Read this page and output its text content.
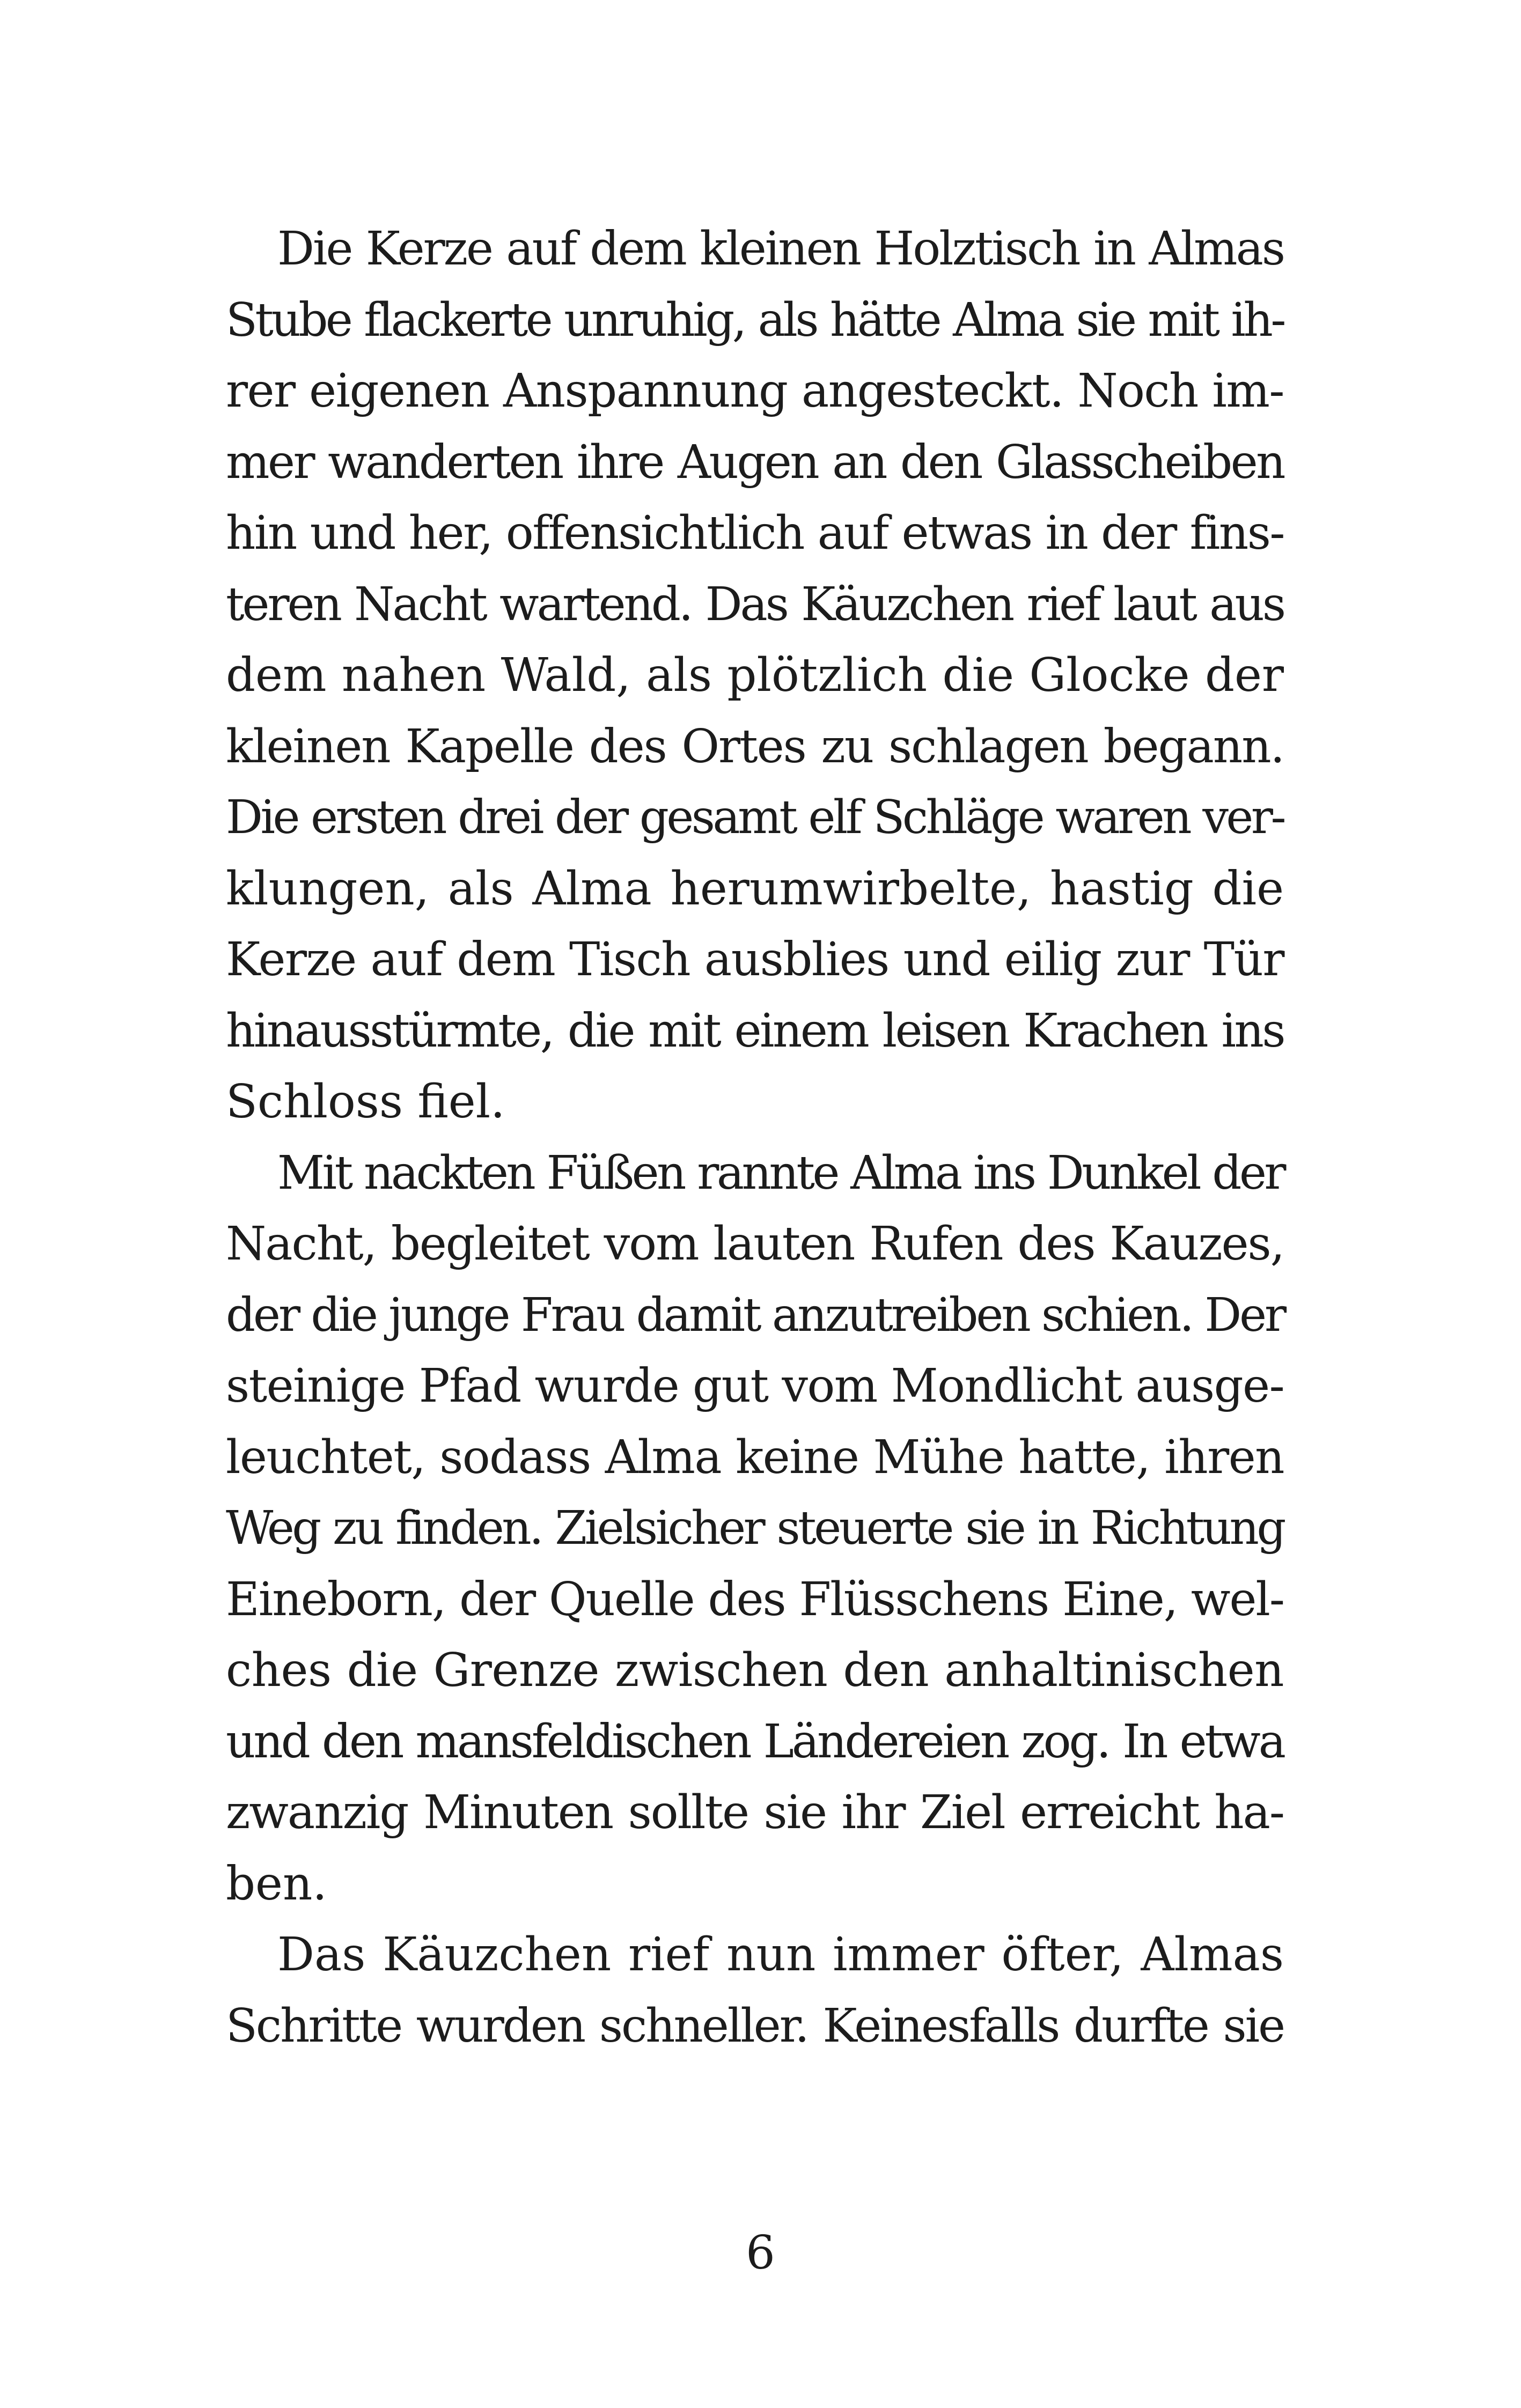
Die Kerze auf dem kleinen Holztisch in Almas
Stube flackerte unruhig, als hätte Alma sie mit ih-
rer eigenen Anspannung angesteckt. Noch im-
mer wanderten ihre Augen an den Glasscheiben
hin und her, offensichtlich auf etwas in der fins-
teren Nacht wartend. Das Käuzchen rief laut aus
dem nahen Wald, als plötzlich die Glocke der
kleinen Kapelle des Ortes zu schlagen begann.
Die ersten drei der gesamt elf Schläge waren ver-
klungen, als Alma herumwirbelte, hastig die
Kerze auf dem Tisch ausblies und eilig zur Tür
hinausstürmte, die mit einem leisen Krachen ins
Schloss fiel.
Mit nackten Füßen rannte Alma ins Dunkel der
Nacht, begleitet vom lauten Rufen des Kauzes,
der die junge Frau damit anzutreiben schien. Der
steinige Pfad wurde gut vom Mondlicht ausge-
leuchtet, sodass Alma keine Mühe hatte, ihren
Weg zu finden. Zielsicher steuerte sie in Richtung
Eineborn, der Quelle des Flüsschens Eine, wel-
ches die Grenze zwischen den anhaltinischen
und den mansfeldischen Ländereien zog. In etwa
zwanzig Minuten sollte sie ihr Ziel erreicht ha-
ben.
Das Käuzchen rief nun immer öfter, Almas
Schritte wurden schneller. Keinesfalls durfte sie
6
